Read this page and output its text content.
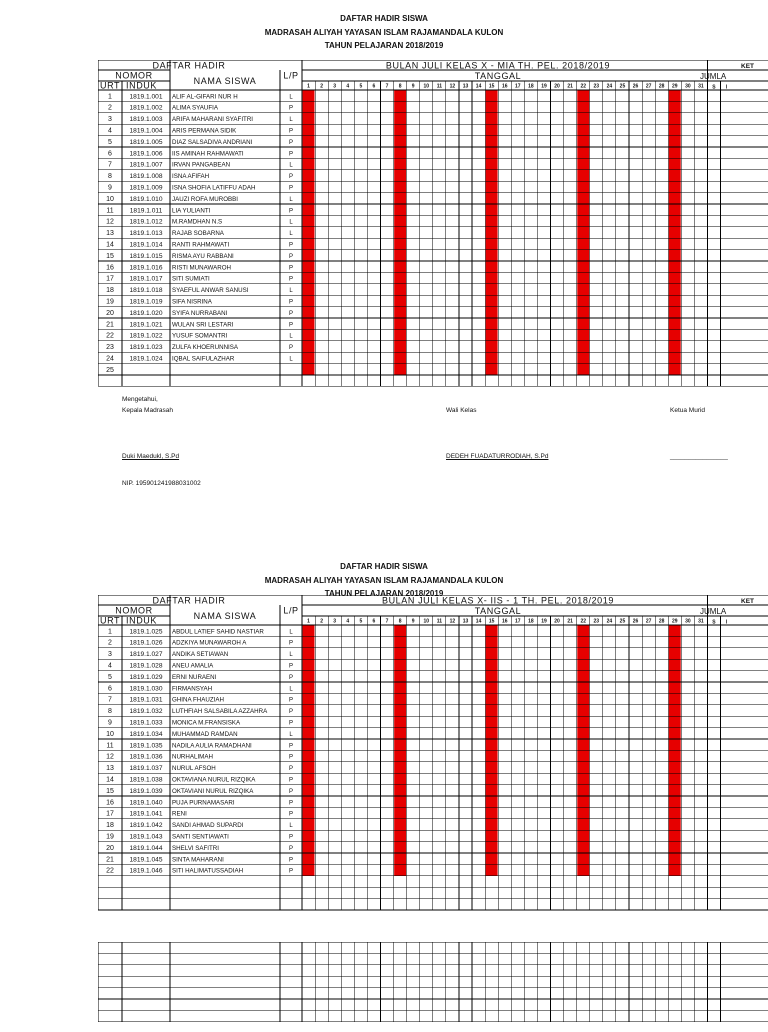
DAFTAR HADIR SISWA
MADRASAH ALIYAH YAYASAN ISLAM RAJAMANDALA KULON
TAHUN PELAJARAN 2018/2019
DAFTAR HADIR
NOMOR
URT INDUK	NAMA SISWA
L/P
BULAN JULI KELAS X - MIA TH. PEL. 2018/2019
TANGGAL
KET
JUMLA
S I
1 2 3 4 5 6 7 8 9 10 11 12 13 14 15 16 17 18 19 20 21 22 23 24 25 26 27 28 29 30 31
1	1819.1.001 ALIF AL-GIFARI NUR H	L
2	1819.1.002 ALIMA SYAUFIA	P
3	1819.1.003 ARIFA MAHARANI SYAFITRI	L
4	1819.1.004 ARIS PERMANA SIDIK	P
5	1819.1.005 DIAZ SALSADIVA ANDRIANI	P
6	1819.1.006 IIS AMINAH RAHMAWATI	P
7	1819.1.007 IRVAN PANGABEAN	L
8	1819.1.008 ISNA AFIFAH	P
9	1819.1.009 ISNA SHOFIA LATIFFU ADAH	P
10 1819.1.010 JAUZI ROFA MUROBBI	L
11 1819.1.011 LIA YULIANTI	P
12 1819.1.012 M.RAMDHAN N.S	L
13 1819.1.013 RAJAB SOBARNA	L
14 1819.1.014 RANTI RAHMAWATI	P
15 1819.1.015 RISMA AYU RABBANI	P
16 1819.1.016 RISTI MUNAWAROH	P
17 1819.1.017 SITI SUMIATI	P
18 1819.1.018 SYAEFUL ANWAR SANUSI	L
19 1819.1.019 SIFA NISRINA	P
20 1819.1.020 SYIFA NURRABANI	P
21 1819.1.021 WULAN SRI LESTARI	P
22 1819.1.022 YUSUF SOMANTRI	L
23 1819.1.023 ZULFA KHOERUNNISA	P
24 1819.1.024 IQBAL SAIFULAZHAR	L
25
Mengetahui,
Kepala Madrasah	Wali Kelas	Ketua Murid
Duki Maedukl, S.Pd	DEDEH FUADATURRODIAH, S.Pd	________________
NIP. 195901241988031002
DAFTAR HADIR SISWA
MADRASAH ALIYAH YAYASAN ISLAM RAJAMANDALA KULON
TAHUN PELAJARAN 2018/2019
DAFTAR HADIR
NOMOR
URT INDUK	NAMA SISWA
L/P
BULAN JULI KELAS X- IIS - 1 TH. PEL. 2018/2019
TANGGAL
KET
JUMLA
S I
1 2 3 4 5 6 7 8 9 10 11 12 13 14 15 16 17 18 19 20 21 22 23 24 25 26 27 28 29 30 31
1	1819.1.025 ABDUL LATIEF SAHID NASTIAR	L
2	1819.1.026 ADZKIYA MUNAWAROH A	P
3	1819.1.027 ANDIKA SETIAWAN	L
4	1819.1.028 ANEU AMALIA	P
5	1819.1.029 ERNI NURAENI	P
6	1819.1.030 FIRMANSYAH	L
7	1819.1.031 GHINA FHAUZIAH	P
8	1819.1.032 LUTHFIAH SALSABILA AZZAHRA	P
9	1819.1.033 MONICA M.FRANSISKA	P
10 1819.1.034 MUHAMMAD RAMDAN	L
11 1819.1.035 NADILA AULIA RAMADHANI	P
12 1819.1.036 NURHALIMAH	P
13 1819.1.037 NURUL AFSOH	P
14 1819.1.038 OKTAVIANA NURUL RIZQIKA	P
15 1819.1.039 OKTAVIANI NURUL RIZQIKA	P
16 1819.1.040 PUJA PURNAMASARI	P
17 1819.1.041 RENI	P
18 1819.1.042 SANDI AHMAD SUPARDI	L
19 1819.1.043 SANTI SENTIAWATI	P
20 1819.1.044 SHELVI SAFITRI	P
21 1819.1.045 SINTA MAHARANI	P
22 1819.1.046 SITI HALIMATUSSADIAH	P
